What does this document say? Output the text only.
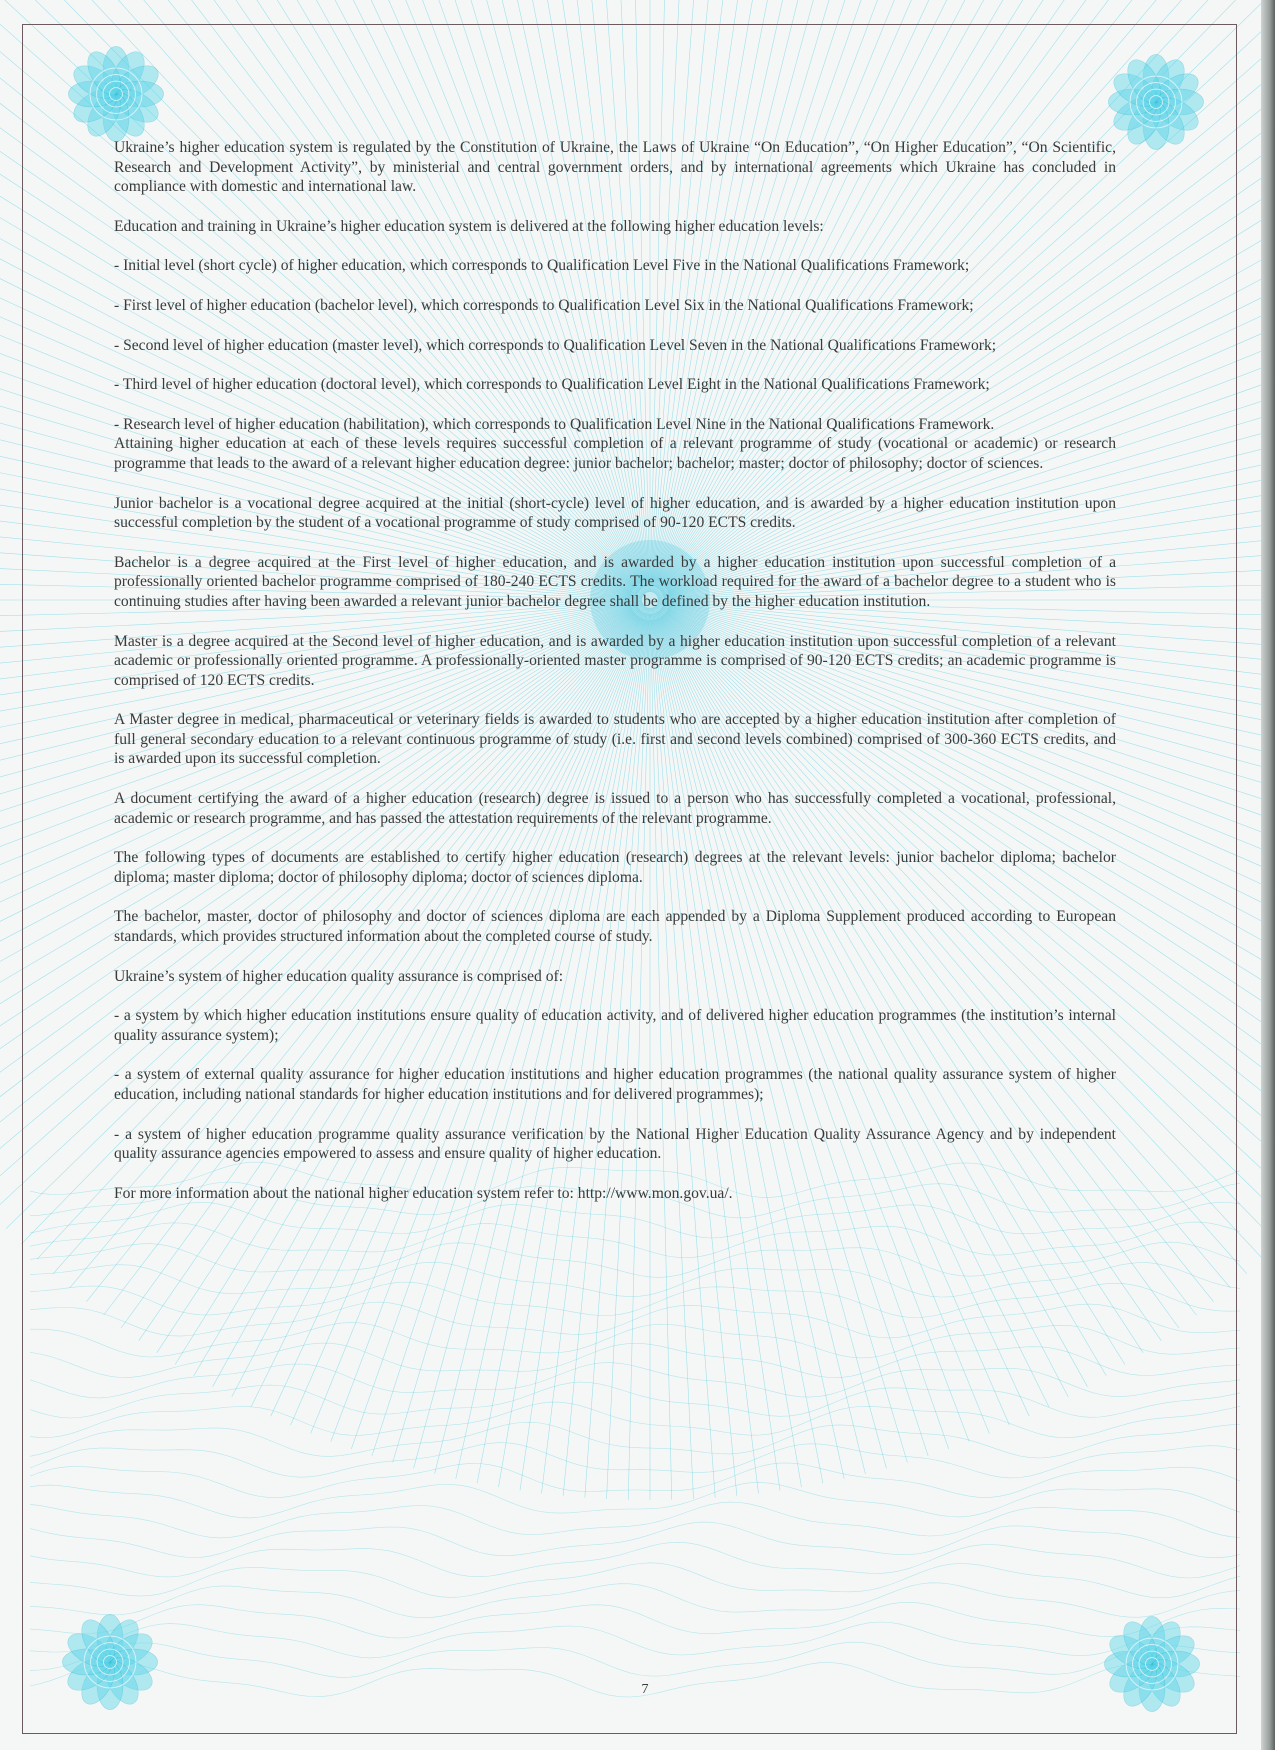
Ukraine’s higher education system is regulated by the Constitution of Ukraine, the Laws of Ukraine “On Education”, “On Higher Education”, “On Scientific, Research and Development Activity”, by ministerial and central government orders, and by international agreements which Ukraine has concluded in compliance with domestic and international law.

Education and training in Ukraine’s higher education system is delivered at the following higher education levels:

- Initial level (short cycle) of higher education, which corresponds to Qualification Level Five in the National Qualifications Framework;

- First level of higher education (bachelor level), which corresponds to Qualification Level Six in the National Qualifications Framework;

- Second level of higher education (master level), which corresponds to Qualification Level Seven in the National Qualifications Framework;

- Third level of higher education (doctoral level), which corresponds to Qualification Level Eight in the National Qualifications Framework;

- Research level of higher education (habilitation), which corresponds to Qualification Level Nine in the National Qualifications Framework.

Attaining higher education at each of these levels requires successful completion of a relevant programme of study (vocational or academic) or research programme that leads to the award of a relevant higher education degree: junior bachelor; bachelor; master; doctor of philosophy; doctor of sciences.

Junior bachelor is a vocational degree acquired at the initial (short-cycle) level of higher education, and is awarded by a higher education institution upon successful completion by the student of a vocational programme of study comprised of 90-120 ECTS credits.

Bachelor is a degree acquired at the First level of higher education, and is awarded by a higher education institution upon successful completion of a professionally oriented bachelor programme comprised of 180-240 ECTS credits. The workload required for the award of a bachelor degree to a student who is continuing studies after having been awarded a relevant junior bachelor degree shall be defined by the higher education institution.

Master is a degree acquired at the Second level of higher education, and is awarded by a higher education institution upon successful completion of a relevant academic or professionally oriented programme. A professionally-oriented master programme is comprised of 90-120 ECTS credits; an academic programme is comprised of 120 ECTS credits.

A Master degree in medical, pharmaceutical or veterinary fields is awarded to students who are accepted by a higher education institution after completion of full general secondary education to a relevant continuous programme of study (i.e. first and second levels combined) comprised of 300-360 ECTS credits, and is awarded upon its successful completion.

A document certifying the award of a higher education (research) degree is issued to a person who has successfully completed a vocational, professional, academic or research programme, and has passed the attestation requirements of the relevant programme.

The following types of documents are established to certify higher education (research) degrees at the relevant levels: junior bachelor diploma; bachelor diploma; master diploma; doctor of philosophy diploma; doctor of sciences diploma.

The bachelor, master, doctor of philosophy and doctor of sciences diploma are each appended by a Diploma Supplement produced according to European standards, which provides structured information about the completed course of study.

Ukraine’s system of higher education quality assurance is comprised of:

- a system by which higher education institutions ensure quality of education activity, and of delivered higher education programmes (the institution’s internal quality assurance system);

- a system of external quality assurance for higher education institutions and higher education programmes (the national quality assurance system of higher education, including national standards for higher education institutions and for delivered programmes);

- a system of higher education programme quality assurance verification by the National Higher Education Quality Assurance Agency and by independent quality assurance agencies empowered to assess and ensure quality of higher education.

For more information about the national higher education system refer to: http://www.mon.gov.ua/.

7
